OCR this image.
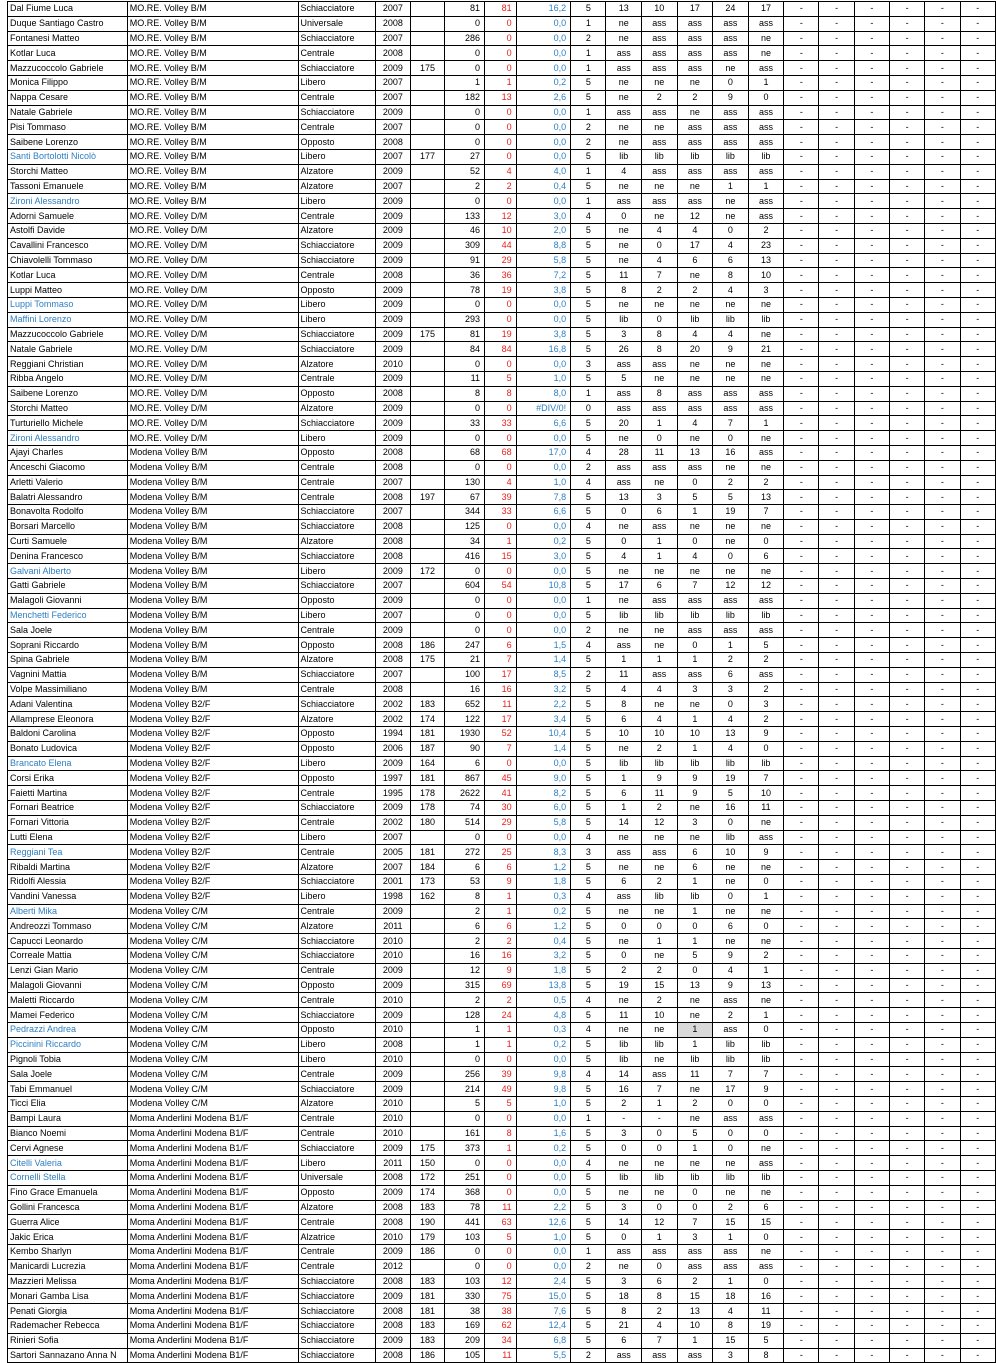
Dal Fiume Luca	MO.RE. Volley B/M	Schiacciatore	2007		81	81	16,2	5	13	10	17	24	17	-	-	-	-	-	-
Duque Santiago Castro	MO.RE. Volley B/M	Universale	2008		0	0	0,0	1	ne	ass	ass	ass	ass	-	-	-	-	-	-
Fontanesi Matteo	MO.RE. Volley B/M	Schiacciatore	2007		286	0	0,0	2	ne	ass	ass	ass	ne	-	-	-	-	-	-
Kotlar Luca	MO.RE. Volley B/M	Centrale	2008		0	0	0,0	1	ass	ass	ass	ass	ne	-	-	-	-	-	-
Mazzucoccolo Gabriele	MO.RE. Volley B/M	Schiacciatore	2009	175	0	0	0,0	1	ass	ass	ass	ne	ass	-	-	-	-	-	-
Monica Filippo	MO.RE. Volley B/M	Libero	2007		1	1	0,2	5	ne	ne	ne	0	1	-	-	-	-	-	-
Nappa Cesare	MO.RE. Volley B/M	Centrale	2007		182	13	2,6	5	ne	2	2	9	0	-	-	-	-	-	-
Natale Gabriele	MO.RE. Volley B/M	Schiacciatore	2009		0	0	0,0	1	ass	ass	ne	ass	ass	-	-	-	-	-	-
Pisi Tommaso	MO.RE. Volley B/M	Centrale	2007		0	0	0,0	2	ne	ne	ass	ass	ass	-	-	-	-	-	-
Saibene Lorenzo	MO.RE. Volley B/M	Opposto	2008		0	0	0,0	2	ne	ass	ass	ass	ass	-	-	-	-	-	-
Santi Bortolotti Nicolò	MO.RE. Volley B/M	Libero	2007	177	27	0	0,0	5	lib	lib	lib	lib	lib	-	-	-	-	-	-
Storchi Matteo	MO.RE. Volley B/M	Alzatore	2009		52	4	4,0	1	4	ass	ass	ass	ass	-	-	-	-	-	-
Tassoni Emanuele	MO.RE. Volley B/M	Alzatore	2007		2	2	0,4	5	ne	ne	ne	1	1	-	-	-	-	-	-
Zironi Alessandro	MO.RE. Volley B/M	Libero	2009		0	0	0,0	1	ass	ass	ass	ne	ass	-	-	-	-	-	-
Adorni Samuele	MO.RE. Volley D/M	Centrale	2009		133	12	3,0	4	0	ne	12	ne	ass	-	-	-	-	-	-
Astolfi Davide	MO.RE. Volley D/M	Alzatore	2009		46	10	2,0	5	ne	4	4	0	2	-	-	-	-	-	-
Cavallini Francesco	MO.RE. Volley D/M	Schiacciatore	2009		309	44	8,8	5	ne	0	17	4	23	-	-	-	-	-	-
Chiavolelli Tommaso	MO.RE. Volley D/M	Schiacciatore	2009		91	29	5,8	5	ne	4	6	6	13	-	-	-	-	-	-
Kotlar Luca	MO.RE. Volley D/M	Centrale	2008		36	36	7,2	5	11	7	ne	8	10	-	-	-	-	-	-
Luppi Matteo	MO.RE. Volley D/M	Opposto	2009		78	19	3,8	5	8	2	2	4	3	-	-	-	-	-	-
Luppi Tommaso	MO.RE. Volley D/M	Libero	2009		0	0	0,0	5	ne	ne	ne	ne	ne	-	-	-	-	-	-
Maffini Lorenzo	MO.RE. Volley D/M	Libero	2009		293	0	0,0	5	lib	0	lib	lib	lib	-	-	-	-	-	-
Mazzucoccolo Gabriele	MO.RE. Volley D/M	Schiacciatore	2009	175	81	19	3,8	5	3	8	4	4	ne	-	-	-	-	-	-
Natale Gabriele	MO.RE. Volley D/M	Schiacciatore	2009		84	84	16,8	5	26	8	20	9	21	-	-	-	-	-	-
Reggiani Christian	MO.RE. Volley D/M	Alzatore	2010		0	0	0,0	3	ass	ass	ne	ne	ne	-	-	-	-	-	-
Ribba Angelo	MO.RE. Volley D/M	Centrale	2009		11	5	1,0	5	5	ne	ne	ne	ne	-	-	-	-	-	-
Saibene Lorenzo	MO.RE. Volley D/M	Opposto	2008		8	8	8,0	1	ass	8	ass	ass	ass	-	-	-	-	-	-
Storchi Matteo	MO.RE. Volley D/M	Alzatore	2009		0	0	#DIV/0!	0	ass	ass	ass	ass	ass	-	-	-	-	-	-
Turturiello Michele	MO.RE. Volley D/M	Schiacciatore	2009		33	33	6,6	5	20	1	4	7	1	-	-	-	-	-	-
Zironi Alessandro	MO.RE. Volley D/M	Libero	2009		0	0	0,0	5	ne	0	ne	0	ne	-	-	-	-	-	-
Ajayi Charles	Modena Volley B/M	Opposto	2008		68	68	17,0	4	28	11	13	16	ass	-	-	-	-	-	-
Anceschi Giacomo	Modena Volley B/M	Centrale	2008		0	0	0,0	2	ass	ass	ass	ne	ne	-	-	-	-	-	-
Arletti Valerio	Modena Volley B/M	Centrale	2007		130	4	1,0	4	ass	ne	0	2	2	-	-	-	-	-	-
Balatri Alessandro	Modena Volley B/M	Centrale	2008	197	67	39	7,8	5	13	3	5	5	13	-	-	-	-	-	-
Bonavolta Rodolfo	Modena Volley B/M	Schiacciatore	2007		344	33	6,6	5	0	6	1	19	7	-	-	-	-	-	-
Borsari Marcello	Modena Volley B/M	Schiacciatore	2008		125	0	0,0	4	ne	ass	ne	ne	ne	-	-	-	-	-	-
Curti Samuele	Modena Volley B/M	Alzatore	2008		34	1	0,2	5	0	1	0	ne	0	-	-	-	-	-	-
Denina Francesco	Modena Volley B/M	Schiacciatore	2008		416	15	3,0	5	4	1	4	0	6	-	-	-	-	-	-
Galvani Alberto	Modena Volley B/M	Libero	2009	172	0	0	0,0	5	ne	ne	ne	ne	ne	-	-	-	-	-	-
Gatti Gabriele	Modena Volley B/M	Schiacciatore	2007		604	54	10,8	5	17	6	7	12	12	-	-	-	-	-	-
Malagoli Giovanni	Modena Volley B/M	Opposto	2009		0	0	0,0	1	ne	ass	ass	ass	ass	-	-	-	-	-	-
Menchetti Federico	Modena Volley B/M	Libero	2007		0	0	0,0	5	lib	lib	lib	lib	lib	-	-	-	-	-	-
Sala Joele	Modena Volley B/M	Centrale	2009		0	0	0,0	2	ne	ne	ass	ass	ass	-	-	-	-	-	-
Soprani Riccardo	Modena Volley B/M	Opposto	2008	186	247	6	1,5	4	ass	ne	0	1	5	-	-	-	-	-	-
Spina Gabriele	Modena Volley B/M	Alzatore	2008	175	21	7	1,4	5	1	1	1	2	2	-	-	-	-	-	-
Vagnini Mattia	Modena Volley B/M	Schiacciatore	2007		100	17	8,5	2	11	ass	ass	6	ass	-	-	-	-	-	-
Volpe Massimiliano	Modena Volley B/M	Centrale	2008		16	16	3,2	5	4	4	3	3	2	-	-	-	-	-	-
Adani Valentina	Modena Volley B2/F	Schiacciatore	2002	183	652	11	2,2	5	8	ne	ne	0	3	-	-	-	-	-	-
Allamprese Eleonora	Modena Volley B2/F	Alzatore	2002	174	122	17	3,4	5	6	4	1	4	2	-	-	-	-	-	-
Baldoni Carolina	Modena Volley B2/F	Opposto	1994	181	1930	52	10,4	5	10	10	10	13	9	-	-	-	-	-	-
Bonato Ludovica	Modena Volley B2/F	Opposto	2006	187	90	7	1,4	5	ne	2	1	4	0	-	-	-	-	-	-
Brancato Elena	Modena Volley B2/F	Libero	2009	164	6	0	0,0	5	lib	lib	lib	lib	lib	-	-	-	-	-	-
Corsi Erika	Modena Volley B2/F	Opposto	1997	181	867	45	9,0	5	1	9	9	19	7	-	-	-	-	-	-
Faietti Martina	Modena Volley B2/F	Centrale	1995	178	2622	41	8,2	5	6	11	9	5	10	-	-	-	-	-	-
Fornari Beatrice	Modena Volley B2/F	Schiacciatore	2009	178	74	30	6,0	5	1	2	ne	16	11	-	-	-	-	-	-
Fornari Vittoria	Modena Volley B2/F	Centrale	2002	180	514	29	5,8	5	14	12	3	0	ne	-	-	-	-	-	-
Lutti Elena	Modena Volley B2/F	Libero	2007		0	0	0,0	4	ne	ne	ne	lib	ass	-	-	-	-	-	-
Reggiani Tea	Modena Volley B2/F	Centrale	2005	181	272	25	8,3	3	ass	ass	6	10	9	-	-	-	-	-	-
Ribaldi Martina	Modena Volley B2/F	Alzatore	2007	184	6	6	1,2	5	ne	ne	6	ne	ne	-	-	-	-	-	-
Ridolfi Alessia	Modena Volley B2/F	Schiacciatore	2001	173	53	9	1,8	5	6	2	1	ne	0	-	-	-	-	-	-
Vandini Vanessa	Modena Volley B2/F	Libero	1998	162	8	1	0,3	4	ass	lib	lib	0	1	-	-	-	-	-	-
Alberti Mika	Modena Volley C/M	Centrale	2009		2	1	0,2	5	ne	ne	1	ne	ne	-	-	-	-	-	-
Andreozzi Tommaso	Modena Volley C/M	Alzatore	2011		6	6	1,2	5	0	0	0	6	0	-	-	-	-	-	-
Capucci Leonardo	Modena Volley C/M	Schiacciatore	2010		2	2	0,4	5	ne	1	1	ne	ne	-	-	-	-	-	-
Correale Mattia	Modena Volley C/M	Schiacciatore	2010		16	16	3,2	5	0	ne	5	9	2	-	-	-	-	-	-
Lenzi Gian Mario	Modena Volley C/M	Centrale	2009		12	9	1,8	5	2	2	0	4	1	-	-	-	-	-	-
Malagoli Giovanni	Modena Volley C/M	Opposto	2009		315	69	13,8	5	19	15	13	9	13	-	-	-	-	-	-
Maletti Riccardo	Modena Volley C/M	Centrale	2010		2	2	0,5	4	ne	2	ne	ass	ne	-	-	-	-	-	-
Mamei Federico	Modena Volley C/M	Schiacciatore	2009		128	24	4,8	5	11	10	ne	2	1	-	-	-	-	-	-
Pedrazzi Andrea	Modena Volley C/M	Opposto	2010		1	1	0,3	4	ne	ne	1	ass	0	-	-	-	-	-	-
Piccinini Riccardo	Modena Volley C/M	Libero	2008		1	1	0,2	5	lib	lib	1	lib	lib	-	-	-	-	-	-
Pignoli Tobia	Modena Volley C/M	Libero	2010		0	0	0,0	5	lib	ne	lib	lib	lib	-	-	-	-	-	-
Sala Joele	Modena Volley C/M	Centrale	2009		256	39	9,8	4	14	ass	11	7	7	-	-	-	-	-	-
Tabi Emmanuel	Modena Volley C/M	Schiacciatore	2009		214	49	9,8	5	16	7	ne	17	9	-	-	-	-	-	-
Ticci Elia	Modena Volley C/M	Alzatore	2010		5	5	1,0	5	2	1	2	0	0	-	-	-	-	-	-
Bampi Laura	Moma Anderlini Modena B1/F	Centrale	2010		0	0	0,0	1	-	-	ne	ass	ass	-	-	-	-	-	-
Bianco Noemi	Moma Anderlini Modena B1/F	Centrale	2010		161	8	1,6	5	3	0	5	0	0	-	-	-	-	-	-
Cervi Agnese	Moma Anderlini Modena B1/F	Schiacciatore	2009	175	373	1	0,2	5	0	0	1	0	ne	-	-	-	-	-	-
Citelli Valeria	Moma Anderlini Modena B1/F	Libero	2011	150	0	0	0,0	4	ne	ne	ne	ne	ass	-	-	-	-	-	-
Cornelli Stella	Moma Anderlini Modena B1/F	Universale	2008	172	251	0	0,0	5	lib	lib	lib	lib	lib	-	-	-	-	-	-
Fino Grace Emanuela	Moma Anderlini Modena B1/F	Opposto	2009	174	368	0	0,0	5	ne	ne	0	ne	ne	-	-	-	-	-	-
Gollini Francesca	Moma Anderlini Modena B1/F	Alzatore	2008	183	78	11	2,2	5	3	0	0	2	6	-	-	-	-	-	-
Guerra Alice	Moma Anderlini Modena B1/F	Centrale	2008	190	441	63	12,6	5	14	12	7	15	15	-	-	-	-	-	-
Jakic Erica	Moma Anderlini Modena B1/F	Alzatrice	2010	179	103	5	1,0	5	0	1	3	1	0	-	-	-	-	-	-
Kembo Sharlyn	Moma Anderlini Modena B1/F	Centrale	2009	186	0	0	0,0	1	ass	ass	ass	ass	ne	-	-	-	-	-	-
Manicardi Lucrezia	Moma Anderlini Modena B1/F	Centrale	2012		0	0	0,0	2	ne	0	ass	ass	ass	-	-	-	-	-	-
Mazzieri Melissa	Moma Anderlini Modena B1/F	Schiacciatore	2008	183	103	12	2,4	5	3	6	2	1	0	-	-	-	-	-	-
Monari Gamba Lisa	Moma Anderlini Modena B1/F	Schiacciatore	2009	181	330	75	15,0	5	18	8	15	18	16	-	-	-	-	-	-
Penati Giorgia	Moma Anderlini Modena B1/F	Schiacciatore	2008	181	38	38	7,6	5	8	2	13	4	11	-	-	-	-	-	-
Rademacher Rebecca	Moma Anderlini Modena B1/F	Schiacciatore	2008	183	169	62	12,4	5	21	4	10	8	19	-	-	-	-	-	-
Rinieri Sofia	Moma Anderlini Modena B1/F	Schiacciatore	2009	183	209	34	6,8	5	6	7	1	15	5	-	-	-	-	-	-
Sartori Sannazano Anna N	Moma Anderlini Modena B1/F	Schiacciatore	2008	186	105	11	5,5	2	ass	ass	ass	3	8	-	-	-	-	-	-
